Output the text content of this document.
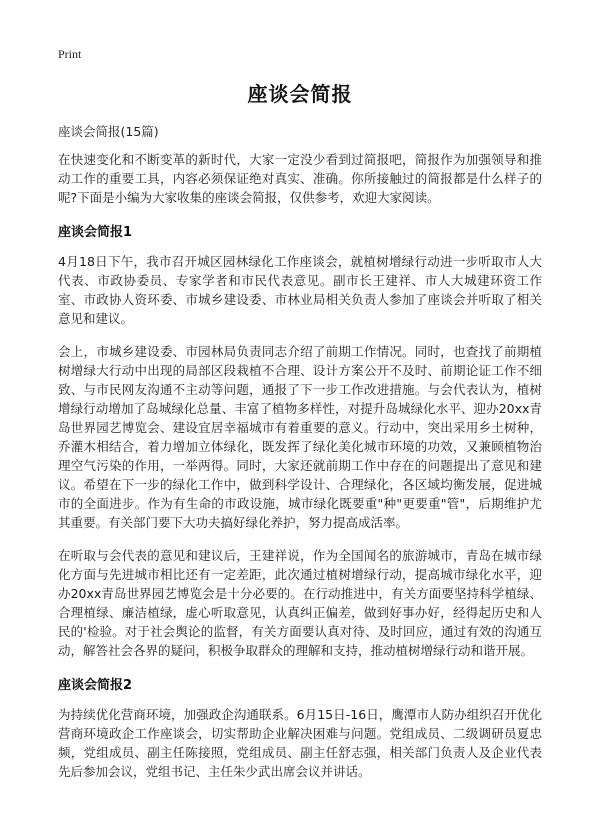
Print
座谈会简报
座谈会简报(15篇)

在快速变化和不断变革的新时代，大家一定没少看到过简报吧，简报作为加强领导和推动工作的重要工具，内容必须保证绝对真实、准确。你所接触过的简报都是什么样子的呢?下面是小编为大家收集的座谈会简报，仅供参考，欢迎大家阅读。

座谈会简报1

4月18日下午，我市召开城区园林绿化工作座谈会，就植树增绿行动进一步听取市人大代表、市政协委员、专家学者和市民代表意见。副市长王建祥、市人大城建环资工作室、市政协人资环委、市城乡建设委、市林业局相关负责人参加了座谈会并听取了相关意见和建议。

会上，市城乡建设委、市园林局负责同志介绍了前期工作情况。同时，也查找了前期植树增绿大行动中出现的局部区段栽植不合理、设计方案公开不及时、前期论证工作不细致、与市民网友沟通不主动等问题，通报了下一步工作改进措施。与会代表认为，植树增绿行动增加了岛城绿化总量、丰富了植物多样性，对提升岛城绿化水平、迎办20xx青岛世界园艺博览会、建设宜居幸福城市有着重要的意义。行动中，突出采用乡土树种，乔灌木相结合，着力增加立体绿化，既发挥了绿化美化城市环境的功效，又兼顾植物治理空气污染的作用，一举两得。同时，大家还就前期工作中存在的问题提出了意见和建议。希望在下一步的绿化工作中，做到科学设计、合理绿化，各区域均衡发展，促进城市的全面进步。作为有生命的市政设施，城市绿化既要重"种"更要重"管"，后期维护尤其重要。有关部门要下大功夫搞好绿化养护，努力提高成活率。

在听取与会代表的意见和建议后，王建祥说，作为全国闻名的旅游城市，青岛在城市绿化方面与先进城市相比还有一定差距，此次通过植树增绿行动，提高城市绿化水平，迎办20xx青岛世界园艺博览会是十分必要的。在行动推进中，有关方面要坚持科学植绿、合理植绿、廉洁植绿，虚心听取意见，认真纠正偏差，做到好事办好，经得起历史和人民的'检验。对于社会舆论的监督，有关方面要认真对待、及时回应，通过有效的沟通互动，解答社会各界的疑问，积极争取群众的理解和支持，推动植树增绿行动和谐开展。

座谈会简报2

为持续优化营商环境，加强政企沟通联系。6月15日-16日，鹰潭市人防办组织召开优化营商环境政企工作座谈会，切实帮助企业解决困难与问题。党组成员、二级调研员夏忠频，党组成员、副主任陈接照，党组成员、副主任舒志强，相关部门负责人及企业代表先后参加会议，党组书记、主任朱少武出席会议并讲话。
